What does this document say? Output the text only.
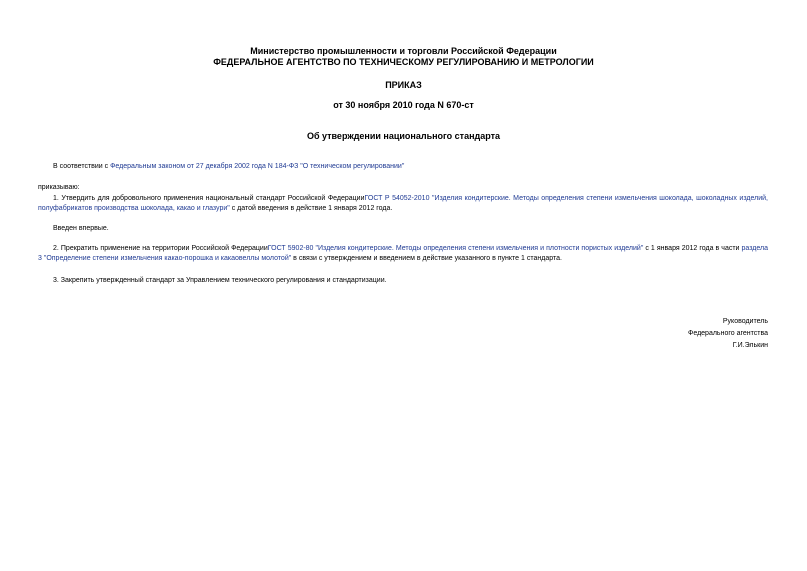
Министерство промышленности и торговли Российской Федерации
ФЕДЕРАЛЬНОЕ АГЕНТСТВО ПО ТЕХНИЧЕСКОМУ РЕГУЛИРОВАНИЮ И МЕТРОЛОГИИ
ПРИКАЗ
от 30 ноября 2010 года N 670-ст
Об утверждении национального стандарта
В соответствии с Федеральным законом от 27 декабря 2002 года N 184-ФЗ "О техническом регулировании"
приказываю:
1. Утвердить для добровольного применения национальный стандарт Российской ФедерацииГОСТ Р 54052-2010 "Изделия кондитерские. Методы определения степени измельчения шоколада, шоколадных изделий, полуфабрикатов производства шоколада, какао и глазури" с датой введения в действие 1 января 2012 года.
Введен впервые.
2. Прекратить применение на территории Российской ФедерацииГОСТ 5902-80 "Изделия кондитерские. Методы определения степени измельчения и плотности пористых изделий" с 1 января 2012 года в части раздела 3 "Определение степени измельчения какао-порошка и какаовеллы молотой" в связи с утверждением и введением в действие указанного в пункте 1 стандарта.
3. Закрепить утвержденный стандарт за Управлением технического регулирования и стандартизации.
Руководитель
Федерального агентства
Г.И.Элькин
